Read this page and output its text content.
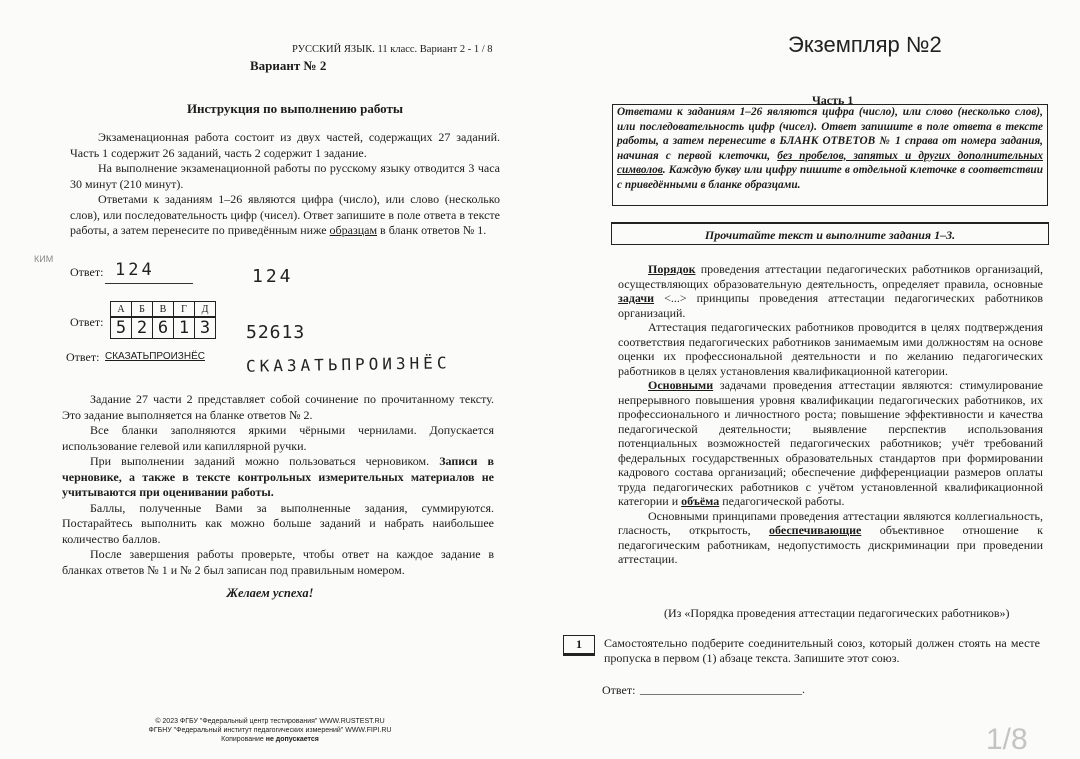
РУССКИЙ ЯЗЫК. 11 класс. Вариант 2 - 1 / 8
Вариант № 2
Инструкция по выполнению работы

Экзаменационная работа состоит из двух частей, содержащих 27 заданий. Часть 1 содержит 26 заданий, часть 2 содержит 1 задание.

На выполнение экзаменационной работы по русскому языку отводится 3 часа 30 минут (210 минут).

Ответами к заданиям 1–26 являются цифра (число), или слово (несколько слов), или последовательность цифр (чисел). Ответ запишите в поле ответа в тексте работы, а затем перенесите по приведённым ниже образцам в бланк ответов № 1.

КИМ
Ответ: 124	124
Ответ:
А	Б	В	Г	Д
5	2	6	1	3 52613
Ответ: СКАЗАТЬПРОИЗНЁС	СКАЗАТЬПРОИЗНЁС

Задание 27 части 2 представляет собой сочинение по прочитанному тексту. Это задание выполняется на бланке ответов № 2.

Все бланки заполняются яркими чёрными чернилами. Допускается использование гелевой или капиллярной ручки.

При выполнении заданий можно пользоваться черновиком. Записи в черновике, а также в тексте контрольных измерительных материалов не учитываются при оценивании работы.

Баллы, полученные Вами за выполненные задания, суммируются. Постарайтесь выполнить как можно больше заданий и набрать наибольшее количество баллов.

После завершения работы проверьте, чтобы ответ на каждое задание в бланках ответов № 1 и № 2 был записан под правильным номером.

Желаем успеха!
© 2023 ФГБУ "Федеральный центр тестирования" WWW.RUSTEST.RU
ФГБНУ "Федеральный институт педагогических измерений" WWW.FIPI.RU
Копирование не допускается
Экземпляр №2
Часть 1
Ответами к заданиям 1–26 являются цифра (число), или слово (несколько слов), или последовательность цифр (чисел). Ответ запишите в поле ответа в тексте работы, а затем перенесите в БЛАНК ОТВЕТОВ № 1 справа от номера задания, начиная с первой клеточки, без пробелов, запятых и других дополнительных символов. Каждую букву или цифру пишите в отдельной клеточке в соответствии с приведёнными в бланке образцами.
Прочитайте текст и выполните задания 1–3.

Порядок проведения аттестации педагогических работников организаций, осуществляющих образовательную деятельность, определяет правила, основные задачи <...> принципы проведения аттестации педагогических работников организаций.

Аттестация педагогических работников проводится в целях подтверждения соответствия педагогических работников занимаемым ими должностям на основе оценки их профессиональной деятельности и по желанию педагогических работников в целях установления квалификационной категории.

Основными задачами проведения аттестации являются: стимулирование непрерывного повышения уровня квалификации педагогических работников, их профессионального и личностного роста; повышение эффективности и качества педагогической деятельности; выявление перспектив использования потенциальных возможностей педагогических работников; учёт требований федеральных государственных образовательных стандартов при формировании кадрового состава организаций; обеспечение дифференциации размеров оплаты труда педагогических работников с учётом установленной квалификационной категории и объёма педагогической работы.

Основными принципами проведения аттестации являются коллегиальность, гласность, открытость, обеспечивающие объективное отношение к педагогическим работникам, недопустимость дискриминации при проведении аттестации.

(Из «Порядка проведения аттестации педагогических работников»)
1	Самостоятельно подберите соединительный союз, который должен стоять на месте пропуска в первом (1) абзаце текста. Запишите этот союз.
Ответ: ___________________________.
1/8
